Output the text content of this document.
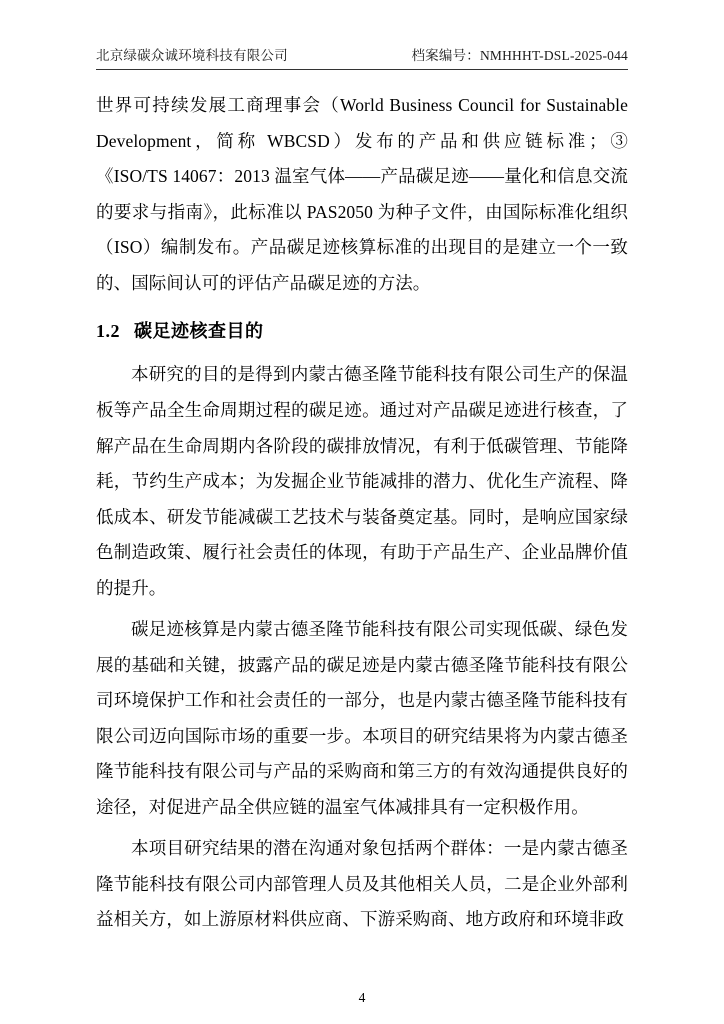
北京绿碳众诚环境科技有限公司	档案编号：NMHHHT-DSL-2025-044

世界可持续发展工商理事会（World Business Council for Sustainable Development，简称 WBCSD）发布的产品和供应链标准；③《ISO/TS 14067：2013 温室气体——产品碳足迹——量化和信息交流的要求与指南》，此标准以 PAS2050 为种子文件，由国际标准化组织（ISO）编制发布。产品碳足迹核算标准的出现目的是建立一个一致的、国际间认可的评估产品碳足迹的方法。

1.2 碳足迹核查目的

本研究的目的是得到内蒙古德圣隆节能科技有限公司生产的保温板等产品全生命周期过程的碳足迹。通过对产品碳足迹进行核查，了解产品在生命周期内各阶段的碳排放情况，有利于低碳管理、节能降耗，节约生产成本；为发掘企业节能减排的潜力、优化生产流程、降低成本、研发节能减碳工艺技术与装备奠定基。同时，是响应国家绿色制造政策、履行社会责任的体现，有助于产品生产、企业品牌价值的提升。

碳足迹核算是内蒙古德圣隆节能科技有限公司实现低碳、绿色发展的基础和关键，披露产品的碳足迹是内蒙古德圣隆节能科技有限公司环境保护工作和社会责任的一部分，也是内蒙古德圣隆节能科技有限公司迈向国际市场的重要一步。本项目的研究结果将为内蒙古德圣隆节能科技有限公司与产品的采购商和第三方的有效沟通提供良好的途径，对促进产品全供应链的温室气体减排具有一定积极作用。

本项目研究结果的潜在沟通对象包括两个群体：一是内蒙古德圣隆节能科技有限公司内部管理人员及其他相关人员，二是企业外部利益相关方，如上游原材料供应商、下游采购商、地方政府和环境非政

4
